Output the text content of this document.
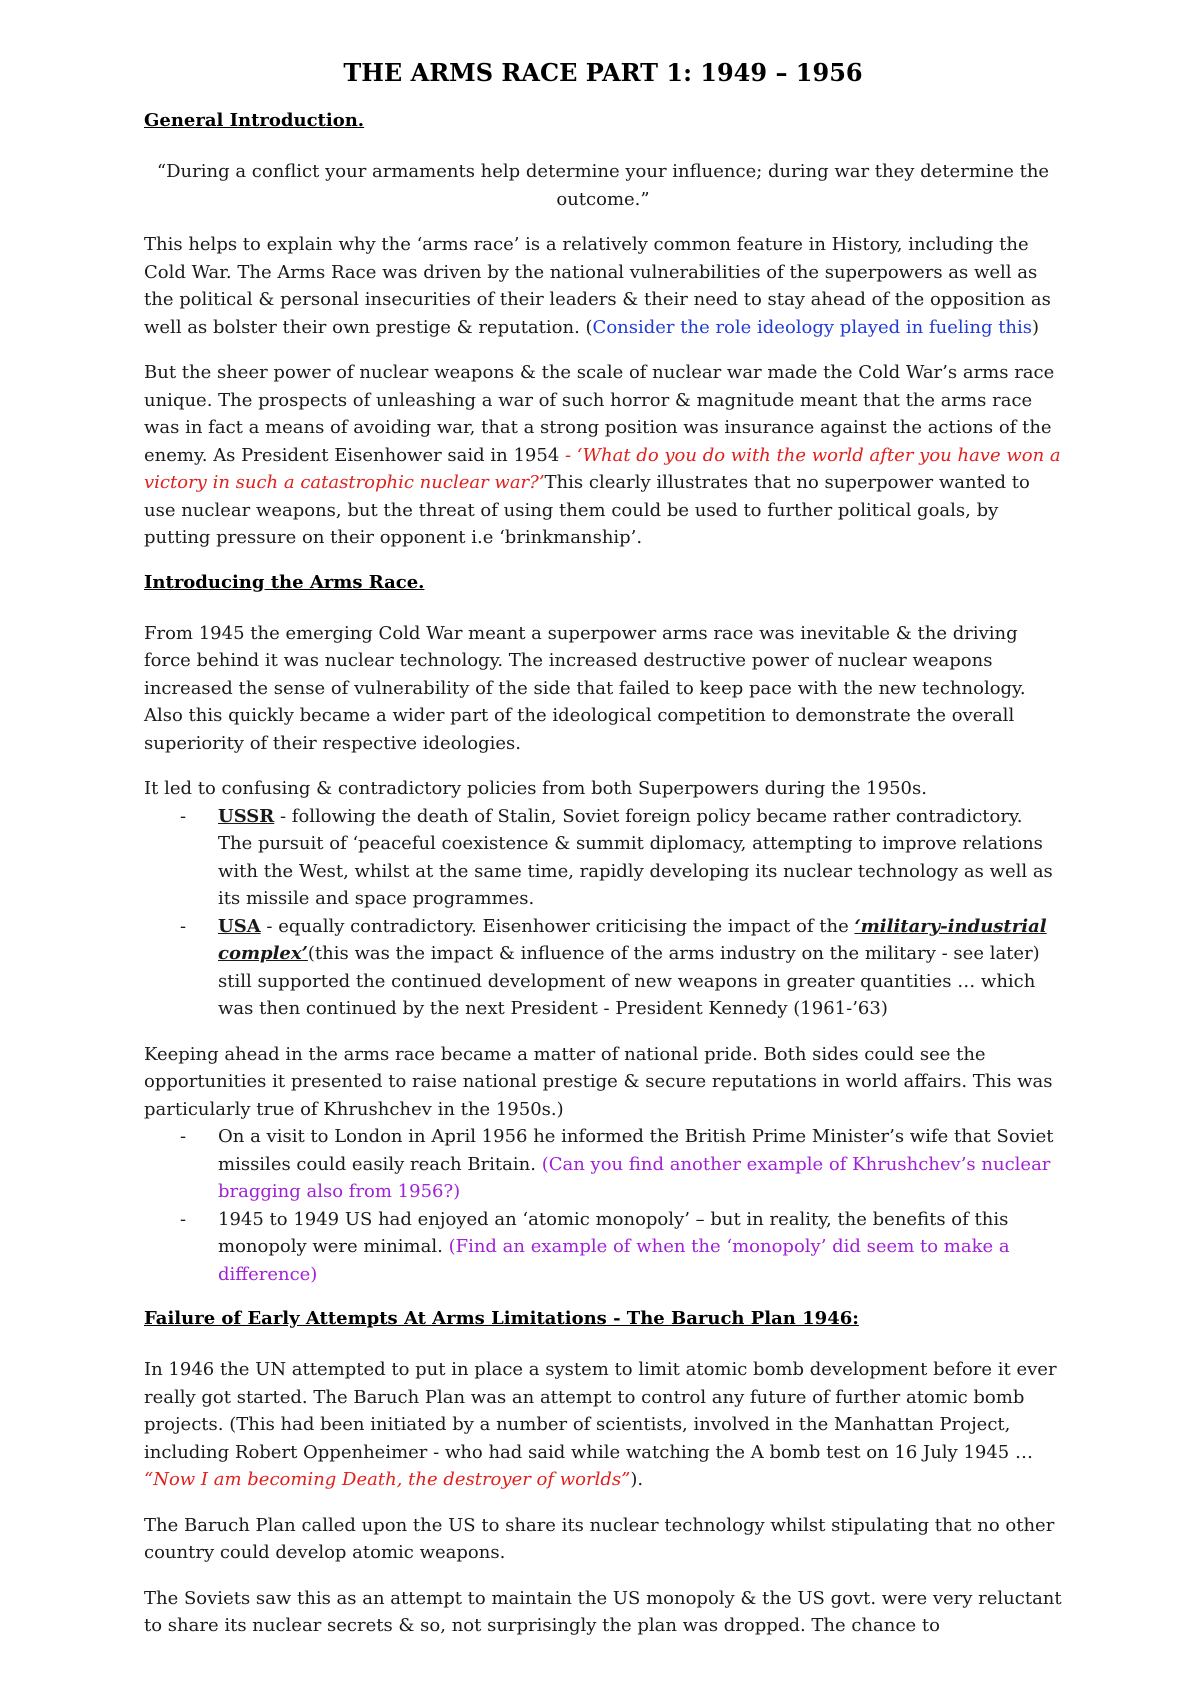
THE ARMS RACE PART 1: 1949 – 1956
General Introduction.

“During a conflict your armaments help determine your influence; during war they determine the outcome.”

This helps to explain why the ‘arms race’ is a relatively common feature in History, including the Cold War. The Arms Race was driven by the national vulnerabilities of the superpowers as well as the political & personal insecurities of their leaders & their need to stay ahead of the opposition as well as bolster their own prestige & reputation. (Consider the role ideology played in fueling this)

But the sheer power of nuclear weapons & the scale of nuclear war made the Cold War’s arms race unique. The prospects of unleashing a war of such horror & magnitude meant that the arms race was in fact a means of avoiding war, that a strong position was insurance against the actions of the enemy. As President Eisenhower said in 1954 - ‘What do you do with the world after you have won a victory in such a catastrophic nuclear war?’This clearly illustrates that no superpower wanted to use nuclear weapons, but the threat of using them could be used to further political goals, by putting pressure on their opponent i.e ‘brinkmanship’.

Introducing the Arms Race.

From 1945 the emerging Cold War meant a superpower arms race was inevitable & the driving force behind it was nuclear technology. The increased destructive power of nuclear weapons increased the sense of vulnerability of the side that failed to keep pace with the new technology. Also this quickly became a wider part of the ideological competition to demonstrate the overall superiority of their respective ideologies.

It led to confusing & contradictory policies from both Superpowers during the 1950s.

- USSR - following the death of Stalin, Soviet foreign policy became rather contradictory. The pursuit of ‘peaceful coexistence & summit diplomacy, attempting to improve relations with the West, whilst at the same time, rapidly developing its nuclear technology as well as its missile and space programmes.
- USA - equally contradictory. Eisenhower criticising the impact of the ‘military-industrial complex’(this was the impact & influence of the arms industry on the military - see later) still supported the continued development of new weapons in greater quantities … which was then continued by the next President - President Kennedy (1961-’63)

Keeping ahead in the arms race became a matter of national pride. Both sides could see the opportunities it presented to raise national prestige & secure reputations in world affairs. This was particularly true of Khrushchev in the 1950s.)

- On a visit to London in April 1956 he informed the British Prime Minister’s wife that Soviet missiles could easily reach Britain. (Can you find another example of Khrushchev’s nuclear bragging also from 1956?)
- 1945 to 1949 US had enjoyed an ‘atomic monopoly’ – but in reality, the benefits of this monopoly were minimal. (Find an example of when the ‘monopoly’ did seem to make a difference)
Failure of Early Attempts At Arms Limitations - The Baruch Plan 1946:

In 1946 the UN attempted to put in place a system to limit atomic bomb development before it ever really got started. The Baruch Plan was an attempt to control any future of further atomic bomb projects. (This had been initiated by a number of scientists, involved in the Manhattan Project, including Robert Oppenheimer - who had said while watching the A bomb test on 16 July 1945 … “Now I am becoming Death, the destroyer of worlds”).

The Baruch Plan called upon the US to share its nuclear technology whilst stipulating that no other country could develop atomic weapons.

The Soviets saw this as an attempt to maintain the US monopoly & the US govt. were very reluctant to share its nuclear secrets & so, not surprisingly the plan was dropped. The chance to
